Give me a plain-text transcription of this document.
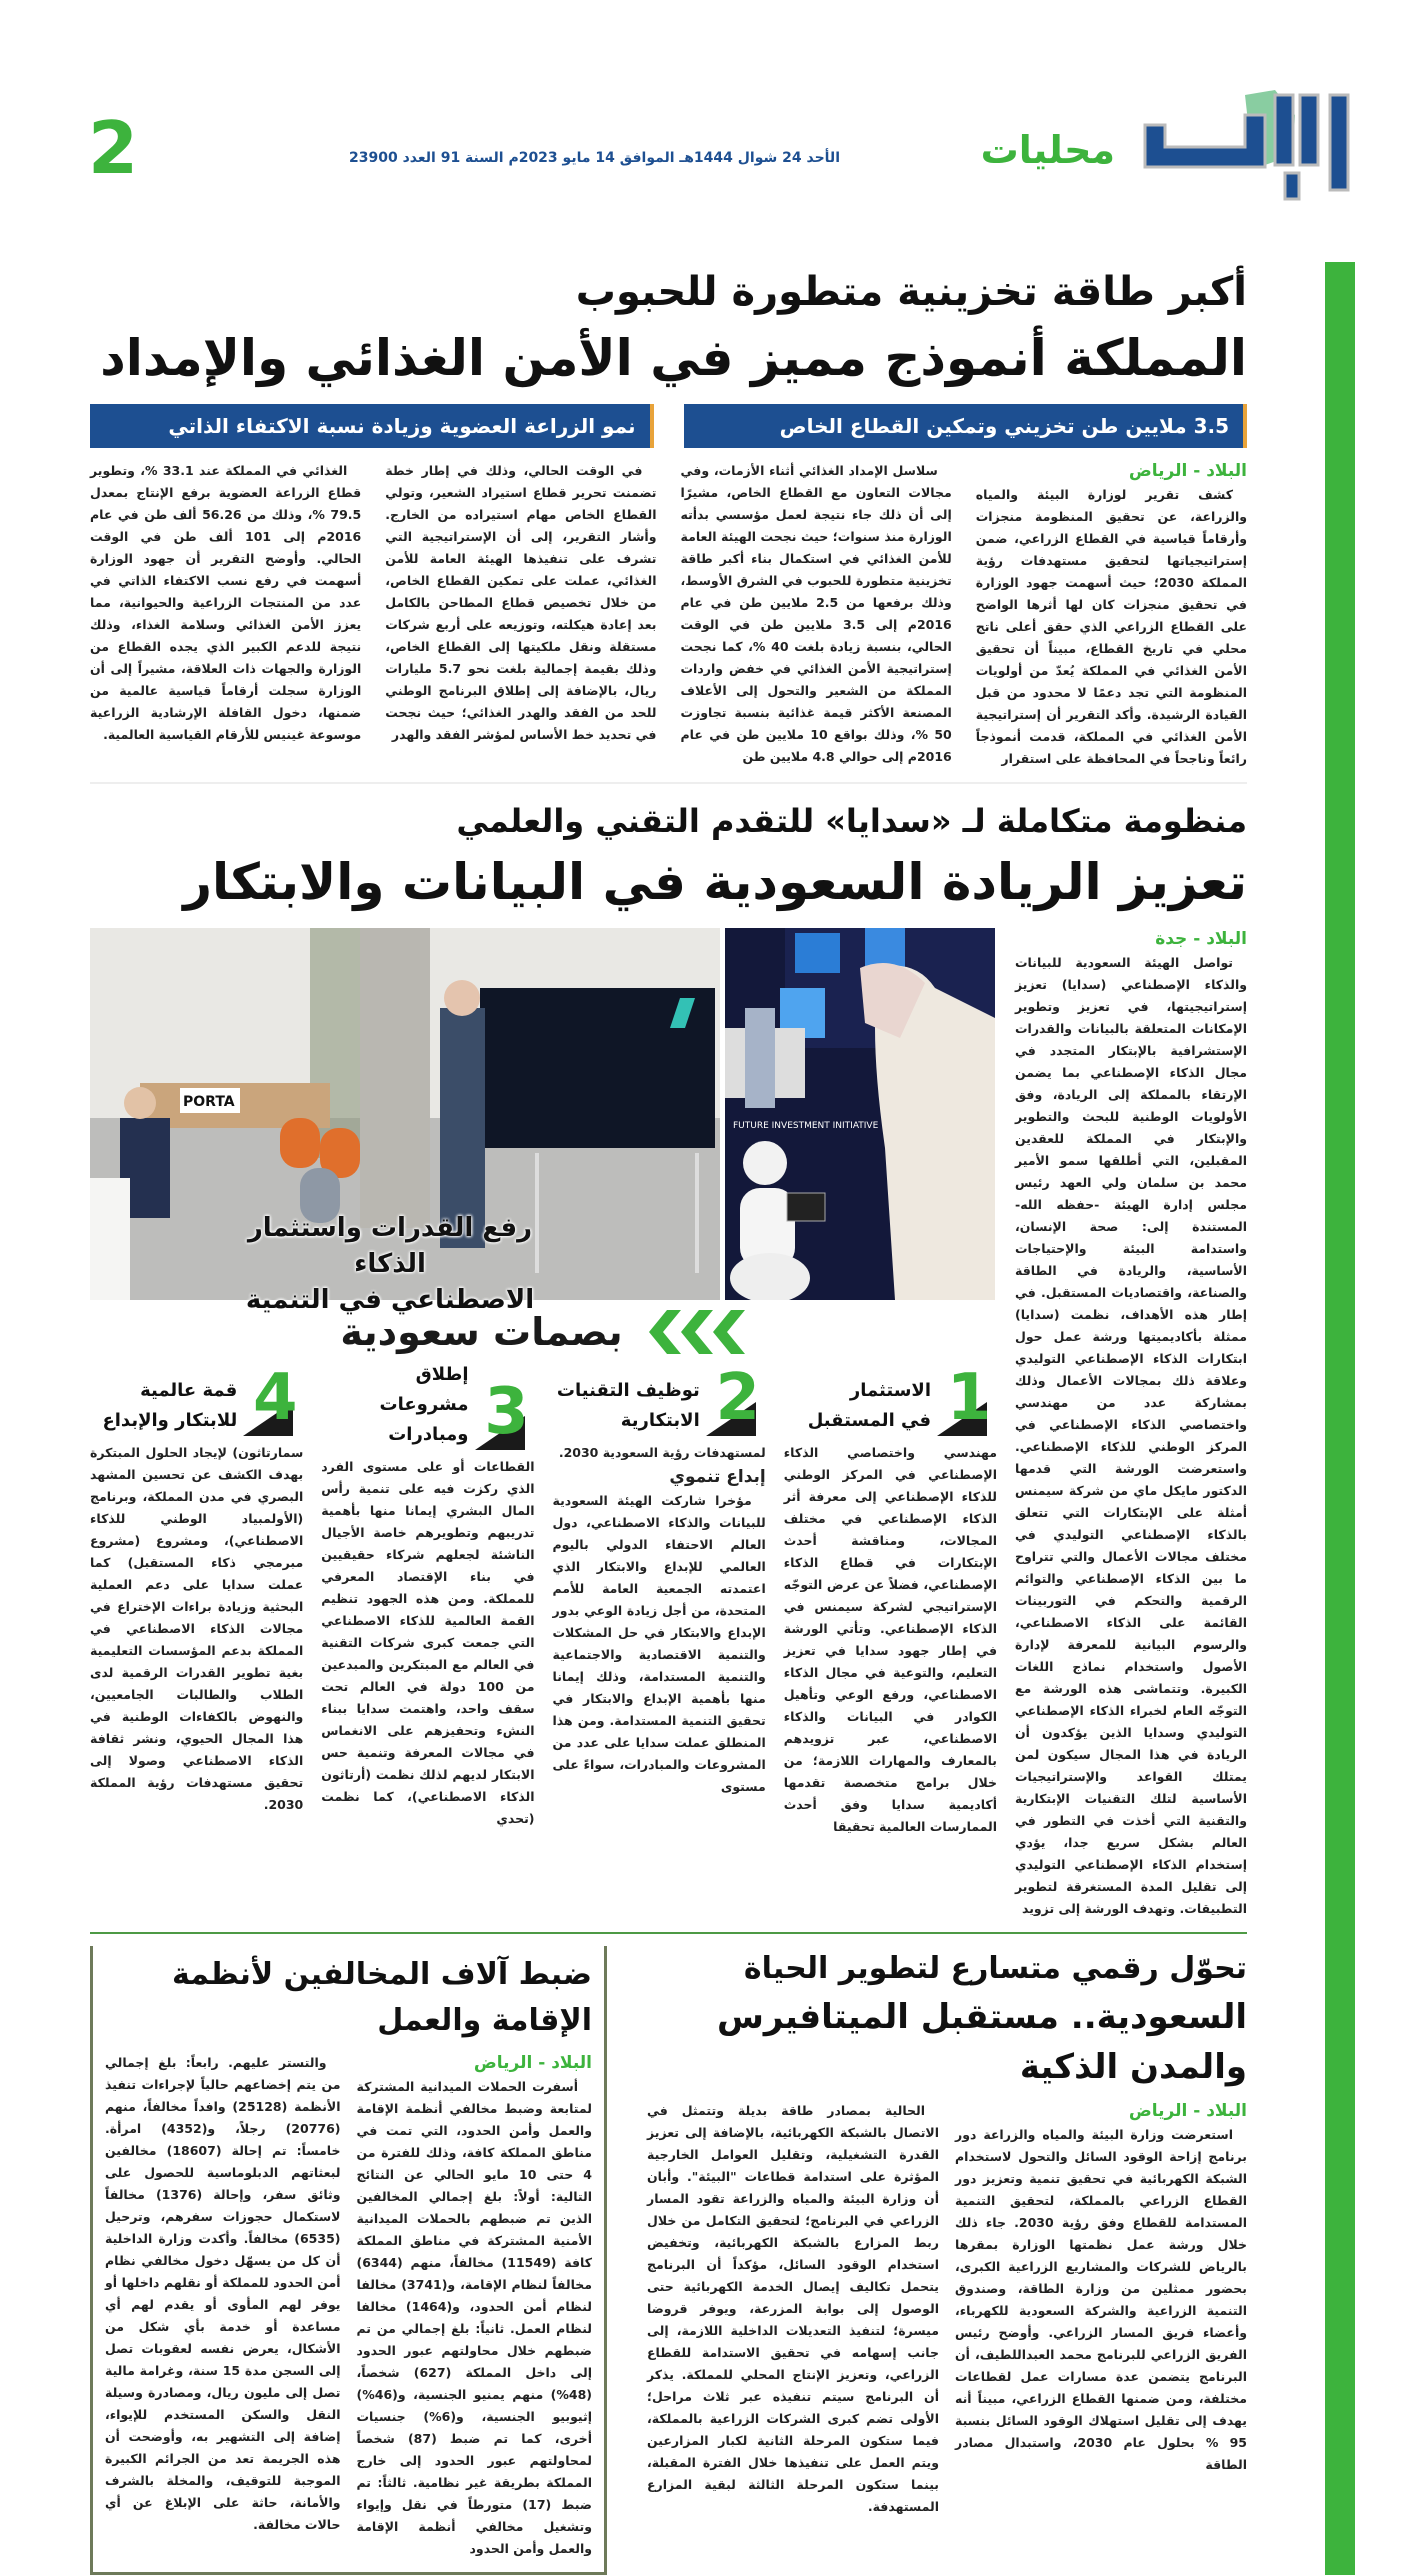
محليات
الأحد 24 شوال 1444هـ الموافق 14 مايو 2023م السنة 91 العدد 23900
2
أكبر طاقة تخزينية متطورة للحبوب
المملكة أنموذج مميز في الأمن الغذائي والإمداد
3.5 ملايين طن تخزيني وتمكين القطاع الخاص
نمو الزراعة العضوية وزيادة نسبة الاكتفاء الذاتي
البلاد - الرياض

كشف تقرير لوزارة البيئة والمياه والزراعة، عن تحقيق المنظومة منجزات وأرقاماً قياسية في القطاع الزراعي، ضمن إستراتيجياتها لتحقيق مستهدفات رؤية المملكة 2030؛ حيث أسهمت جهود الوزارة في تحقيق منجزات كان لها أثرها الواضح على القطاع الزراعي الذي حقق أعلى ناتج محلي في تاريخ القطاع، مبيناً أن تحقيق الأمن الغذائي في المملكة يُعدّ من أولويات المنظومة التي تجد دعمًا لا محدود من قبل القيادة الرشيدة. وأكد التقرير أن إستراتيجية الأمن الغذائي في المملكة، قدمت أنموذجاً رائعاً وناجحاً في المحافظة على استقرار

سلاسل الإمداد الغذائي أثناء الأزمات، وفي مجالات التعاون مع القطاع الخاص، مشيرًا إلى أن ذلك جاء نتيجة لعمل مؤسسي بدأته الوزارة منذ سنوات؛ حيث نجحت الهيئة العامة للأمن الغذائي في استكمال بناء أكبر طاقة تخزينية متطورة للحبوب في الشرق الأوسط، وذلك برفعها من 2.5 ملايين طن في عام 2016م إلى 3.5 ملايين طن في الوقت الحالي، بنسبة زيادة بلغت 40 %، كما نجحت إستراتيجية الأمن الغذائي في خفض واردات المملكة من الشعير والتحول إلى الأعلاف المصنعة الأكثر قيمة غذائية بنسبة تجاوزت 50 %، وذلك بواقع 10 ملايين طن في عام 2016م إلى حوالي 4.8 ملايين طن

في الوقت الحالي، وذلك في إطار خطة تضمنت تحرير قطاع استيراد الشعير، وتولي القطاع الخاص مهام استيراده من الخارج. وأشار التقرير، إلى أن الإستراتيجية التي تشرف على تنفيذها الهيئة العامة للأمن الغذائي، عملت على تمكين القطاع الخاص، من خلال تخصيص قطاع المطاحن بالكامل بعد إعادة هيكلته، وتوزيعه على أربع شركات مستقلة ونقل ملكيتها إلى القطاع الخاص، وذلك بقيمة إجمالية بلغت نحو 5.7 مليارات ريال، بالإضافة إلى إطلاق البرنامج الوطني للحد من الفقد والهدر الغذائي؛ حيث نجحت في تحديد خط الأساس لمؤشر الفقد والهدر

الغذائي في المملكة عند 33.1 %، وتطوير قطاع الزراعة العضوية برفع الإنتاج بمعدل 79.5 %، وذلك من 56.26 ألف طن في عام 2016م إلى 101 ألف طن في الوقت الحالي. وأوضح التقرير أن جهود الوزارة أسهمت في رفع نسب الاكتفاء الذاتي في عدد من المنتجات الزراعية والحيوانية، مما يعزز الأمن الغذائي وسلامة الغذاء، وذلك نتيجة للدعم الكبير الذي يجده القطاع من الوزارة والجهات ذات العلاقة، مشيراً إلى أن الوزارة سجلت أرقاماً قياسية عالمية من ضمنها، دخول القافلة الإرشادية الزراعية موسوعة غينيس للأرقام القياسية العالمية.

منظومة متكاملة لـ «سدايا» للتقدم التقني والعلمي
تعزيز الريادة السعودية في البيانات والابتكار
البلاد - جدة

تواصل الهيئة السعودية للبيانات والذكاء الإصطناعي (سدايا) تعزيز إستراتيجيتها، في تعزيز وتطوير الإمكانات المتعلقة بالبيانات والقدرات الإستشرافية بالإبتكار المتجدد في مجال الذكاء الإصطناعي بما يضمن الإرتقاء بالمملكة إلى الريادة، وفق الأولويات الوطنية للبحث والتطوير والإبتكار في المملكة للعقدين المقبلين، التي أطلقها سمو الأمير محمد بن سلمان ولي العهد رئيس مجلس إدارة الهيئة -حفظه الله- المستندة إلى: صحة الإنسان، واستدامة البيئة والإحتياجات الأساسية، والريادة في الطاقة والصناعة، واقتصاديات المستقبل. في إطار هذه الأهداف، نظمت (سدايا) ممثلة بأكاديميتها ورشة عمل حول ابتكارات الذكاء الإصطناعي التوليدي وعلاقة ذلك بمجالات الأعمال وذلك بمشاركة عدد من مهندسي واختصاصي الذكاء الإصطناعي في المركز الوطني للذكاء الإصطناعي. واستعرضت الورشة التي قدمها الدكتور مايكل ماي من شركة سيمنس أمثلة على الإبتكارات التي تتعلق بالذكاء الإصطناعي التوليدي في مختلف مجالات الأعمال والتي تتراوح ما بين الذكاء الإصطناعي والتوائم الرقمية والتحكم في التوربينات القائمة على الذكاء الاصطناعي، والرسوم البيانية للمعرفة لإدارة الأصول واستخدام نماذج اللغات الكبيرة. وتتماشى هذه الورشة مع التوجّه العام لخبراء الذكاء الإصطناعي التوليدي وسدايا الذين يؤكدون أن الريادة في هذا المجال سيكون لمن يمتلك القواعد والإستراتيجيات الأساسية لتلك التقنيات الإبتكارية والتقنية التي أخذت في التطور في العالم بشكل سريع جدا، يؤدي إستخدام الذكاء الإصطناعي التوليدي إلى تقليل المدة المستغرقة لتطوير التطبيقات. وتهدف الورشة إلى تزويد

PORTA
رفع القدرات واستثمار الذكاء
الاصطناعي في التنمية
FUTURE INVESTMENT INITIATIVE
بصمات سعودية
1
الاستثمار
في المستقبل
مهندسي واختصاصي الذكاء الإصطناعي في المركز الوطني للذكاء الإصطناعي إلى معرفة أثر الذكاء الإصطناعي في مختلف المجالات، ومناقشة أحدث الإبتكارات في قطاع الذكاء الإصطناعي، فضلاً عن عرض التوجّه الإستراتيجي لشركة سيمنس في الذكاء الإصطناعي. وتأتي الورشة في إطار جهود سدايا في تعزيز التعليم، والتوعية في مجال الذكاء الاصطناعي، ورفع الوعي وتأهيل الكوادر في البيانات والذكاء الاصطناعي، عبر تزويدهم بالمعارف والمهارات اللازمة؛ من خلال برامج متخصصة تقدمها أكاديمية سدايا وفق أحدث الممارسات العالمية تحقيقا
2
توظيف التقنيات
الابتكارية
لمستهدفات رؤية السعودية 2030.
إبداع تنموي

مؤخرا شاركت الهيئة السعودية للبيانات والذكاء الاصطناعي، دول العالم الاحتفاء الدولي باليوم العالمي للإبداع والابتكار الذي اعتمدته الجمعية العامة للأمم المتحدة، من أجل زيادة الوعي بدور الإبداع والابتكار في حل المشكلات والتنمية الاقتصادية والاجتماعية والتنمية المستدامة، وذلك إيمانا منها بأهمية الإبداع والابتكار في تحقيق التنمية المستدامة. ومن هذا المنطلق عملت سدايا على عدد من المشروعات والمبادرات، سواءً على مستوى

3
إطلاق مشروعات
ومبادرات
القطاعات أو على مستوى الفرد الذي ركزت فيه على تنمية رأس المال البشري إيمانا منها بأهمية تدريبهم وتطويرهم خاصة الأجيال الناشئة لجعلهم شركاء حقيقيين في بناء الإقتصاد المعرفي للمملكة. ومن هذه الجهود تنظيم القمة العالمية للذكاء الاصطناعي التي جمعت كبرى شركات التقنية في العالم مع المبتكرين والمبدعين من 100 دولة في العالم تحت سقف واحد، واهتمت سدايا ببناء النشء وتحفيزهم على الانغماس في مجالات المعرفة وتنمية حس الابتكار لديهم لذلك نظمت (أرتاثون الذكاء الاصطناعي)، كما نظمت (تحدي
4
قمة عالمية
للابتكار والإبداع
سمارتاثون) لإيجاد الحلول المبتكرة بهدف الكشف عن تحسين المشهد البصري في مدن المملكة، وبرنامج (الأولمبياد الوطني للذكاء الاصطناعي)، ومشروع (مشروع مبرمجي ذكاء المستقبل) كما عملت سدايا على دعم العملية البحثية وزيادة براءات الإختراع في مجالات الذكاء الاصطناعي في المملكة بدعم المؤسسات التعليمية بغية تطوير القدرات الرقمية لدى الطلاب والطالبات الجامعيين، والنهوض بالكفاءات الوطنية في هذا المجال الحيوي، ونشر ثقافة الذكاء الاصطناعي وصولا إلى تحقيق مستهدفات رؤية المملكة 2030.
تحوّل رقمي متسارع لتطوير الحياة
السعودية.. مستقبل الميتافيرس والمدن الذكية
البلاد - الرياض

استعرضت وزارة البيئة والمياه والزراعة دور برنامج إزاحة الوقود السائل والتحول لاستخدام الشبكة الكهربائية في تحقيق تنمية وتعزيز دور القطاع الزراعي بالمملكة، لتحقيق التنمية المستدامة للقطاع وفق رؤية 2030. جاء ذلك خلال ورشة عمل نظمتها الوزارة بمقرها بالرياض للشركات والمشاريع الزراعية الكبرى، بحضور ممثلين من وزارة الطاقة، وصندوق التنمية الزراعية والشركة السعودية للكهرباء، وأعضاء فريق المسار الزراعي. وأوضح رئيس الفريق الزراعي للبرنامج محمد العبداللطيف، أن البرنامج يتضمن عدة مسارات عمل لقطاعات مختلفة، ومن ضمنها القطاع الزراعي، مبيناً أنه يهدف إلى تقليل استهلاك الوقود السائل بنسبة 95 % بحلول عام 2030، واستبدال مصادر الطاقة

الحالية بمصادر طاقة بديلة وتتمثل في الاتصال بالشبكة الكهربائية، بالإضافة إلى تعزيز القدرة التشغيلية، وتقليل العوامل الخارجية المؤثرة على استدامة قطاعات "البيئة". وأبان أن وزارة البيئة والمياه والزراعة تقود المسار الزراعي في البرنامج؛ لتحقيق التكامل من خلال ربط المزارع بالشبكة الكهربائية، وتخفيض استخدام الوقود السائل، مؤكداً أن البرنامج يتحمل تكاليف إيصال الخدمة الكهربائية حتى الوصول إلى بوابة المزرعة، ويوفر قروضا ميسرة؛ لتنفيذ التعديلات الداخلية اللازمة، إلى جانب إسهامه في تحقيق الاستدامة للقطاع الزراعي، وتعزيز الإنتاج المحلي للمملكة. يذكر أن البرنامج سيتم تنفيذه عبر ثلاث مراحل؛ الأولى تضم كبرى الشركات الزراعية بالمملكة، فيما ستكون المرحلة الثانية لكبار المزارعين ويتم العمل على تنفيذها خلال الفترة المقبلة، بينما ستكون المرحلة الثالثة لبقية المزارع المستهدفة.

ضبط آلاف المخالفين لأنظمة الإقامة والعمل
البلاد - الرياض

أسفرت الحملات الميدانية المشتركة لمتابعة وضبط مخالفي أنظمة الإقامة والعمل وأمن الحدود، التي تمت في مناطق المملكة كافة، وذلك للفترة من 4 حتى 10 مايو الحالي عن النتائج التالية: أولاً: بلغ إجمالي المخالفين الذين تم ضبطهم بالحملات الميدانية الأمنية المشتركة في مناطق المملكة كافة (11549) مخالفاً، منهم (6344) مخالفاً لنظام الإقامة، و(3741) مخالفا لنظام أمن الحدود، و(1464) مخالفا لنظام العمل. ثانياً: بلغ إجمالي من تم ضبطهم خلال محاولتهم عبور الحدود إلى داخل المملكة (627) شخصاً، (48%) منهم يمنيو الجنسية، و(46%) إثيوبيو الجنسية، و(6%) جنسيات أخرى، كما تم ضبط (87) شخصاً لمحاولتهم عبور الحدود إلى خارج المملكة بطريقة غير نظامية. ثالثاً: تم ضبط (17) متورطاً في نقل وإيواء وتشغيل مخالفي أنظمة الإقامة والعمل وأمن الحدود

والتستر عليهم. رابعاً: بلغ إجمالي من يتم إخضاعهم حالياً لإجراءات تنفيذ الأنظمة (25128) وافداً مخالفاً، منهم (20776) رجلاً، و(4352) امرأة. خامساً: تم إحالة (18607) مخالفين لبعثاتهم الدبلوماسية للحصول على وثائق سفر، وإحالة (1376) مخالفاً لاستكمال حجوزات سفرهم، وترحيل (6535) مخالفاً. وأكدت وزارة الداخلية أن كل من يسهّل دخول مخالفي نظام أمن الحدود للمملكة أو نقلهم داخلها أو يوفر لهم المأوى أو يقدم لهم أي مساعدة أو خدمة بأي شكل من الأشكال، يعرض نفسه لعقوبات تصل إلى السجن مدة 15 سنة، وغرامة مالية تصل إلى مليون ريال، ومصادرة وسيلة النقل والسكن المستخدم للإيواء، إضافة إلى التشهير به، وأوضحت أن هذه الجريمة تعد من الجرائم الكبيرة الموجبة للتوقيف، والمخلة بالشرف والأمانة، حاثة على الإبلاغ عن أي حالات مخالفة.
